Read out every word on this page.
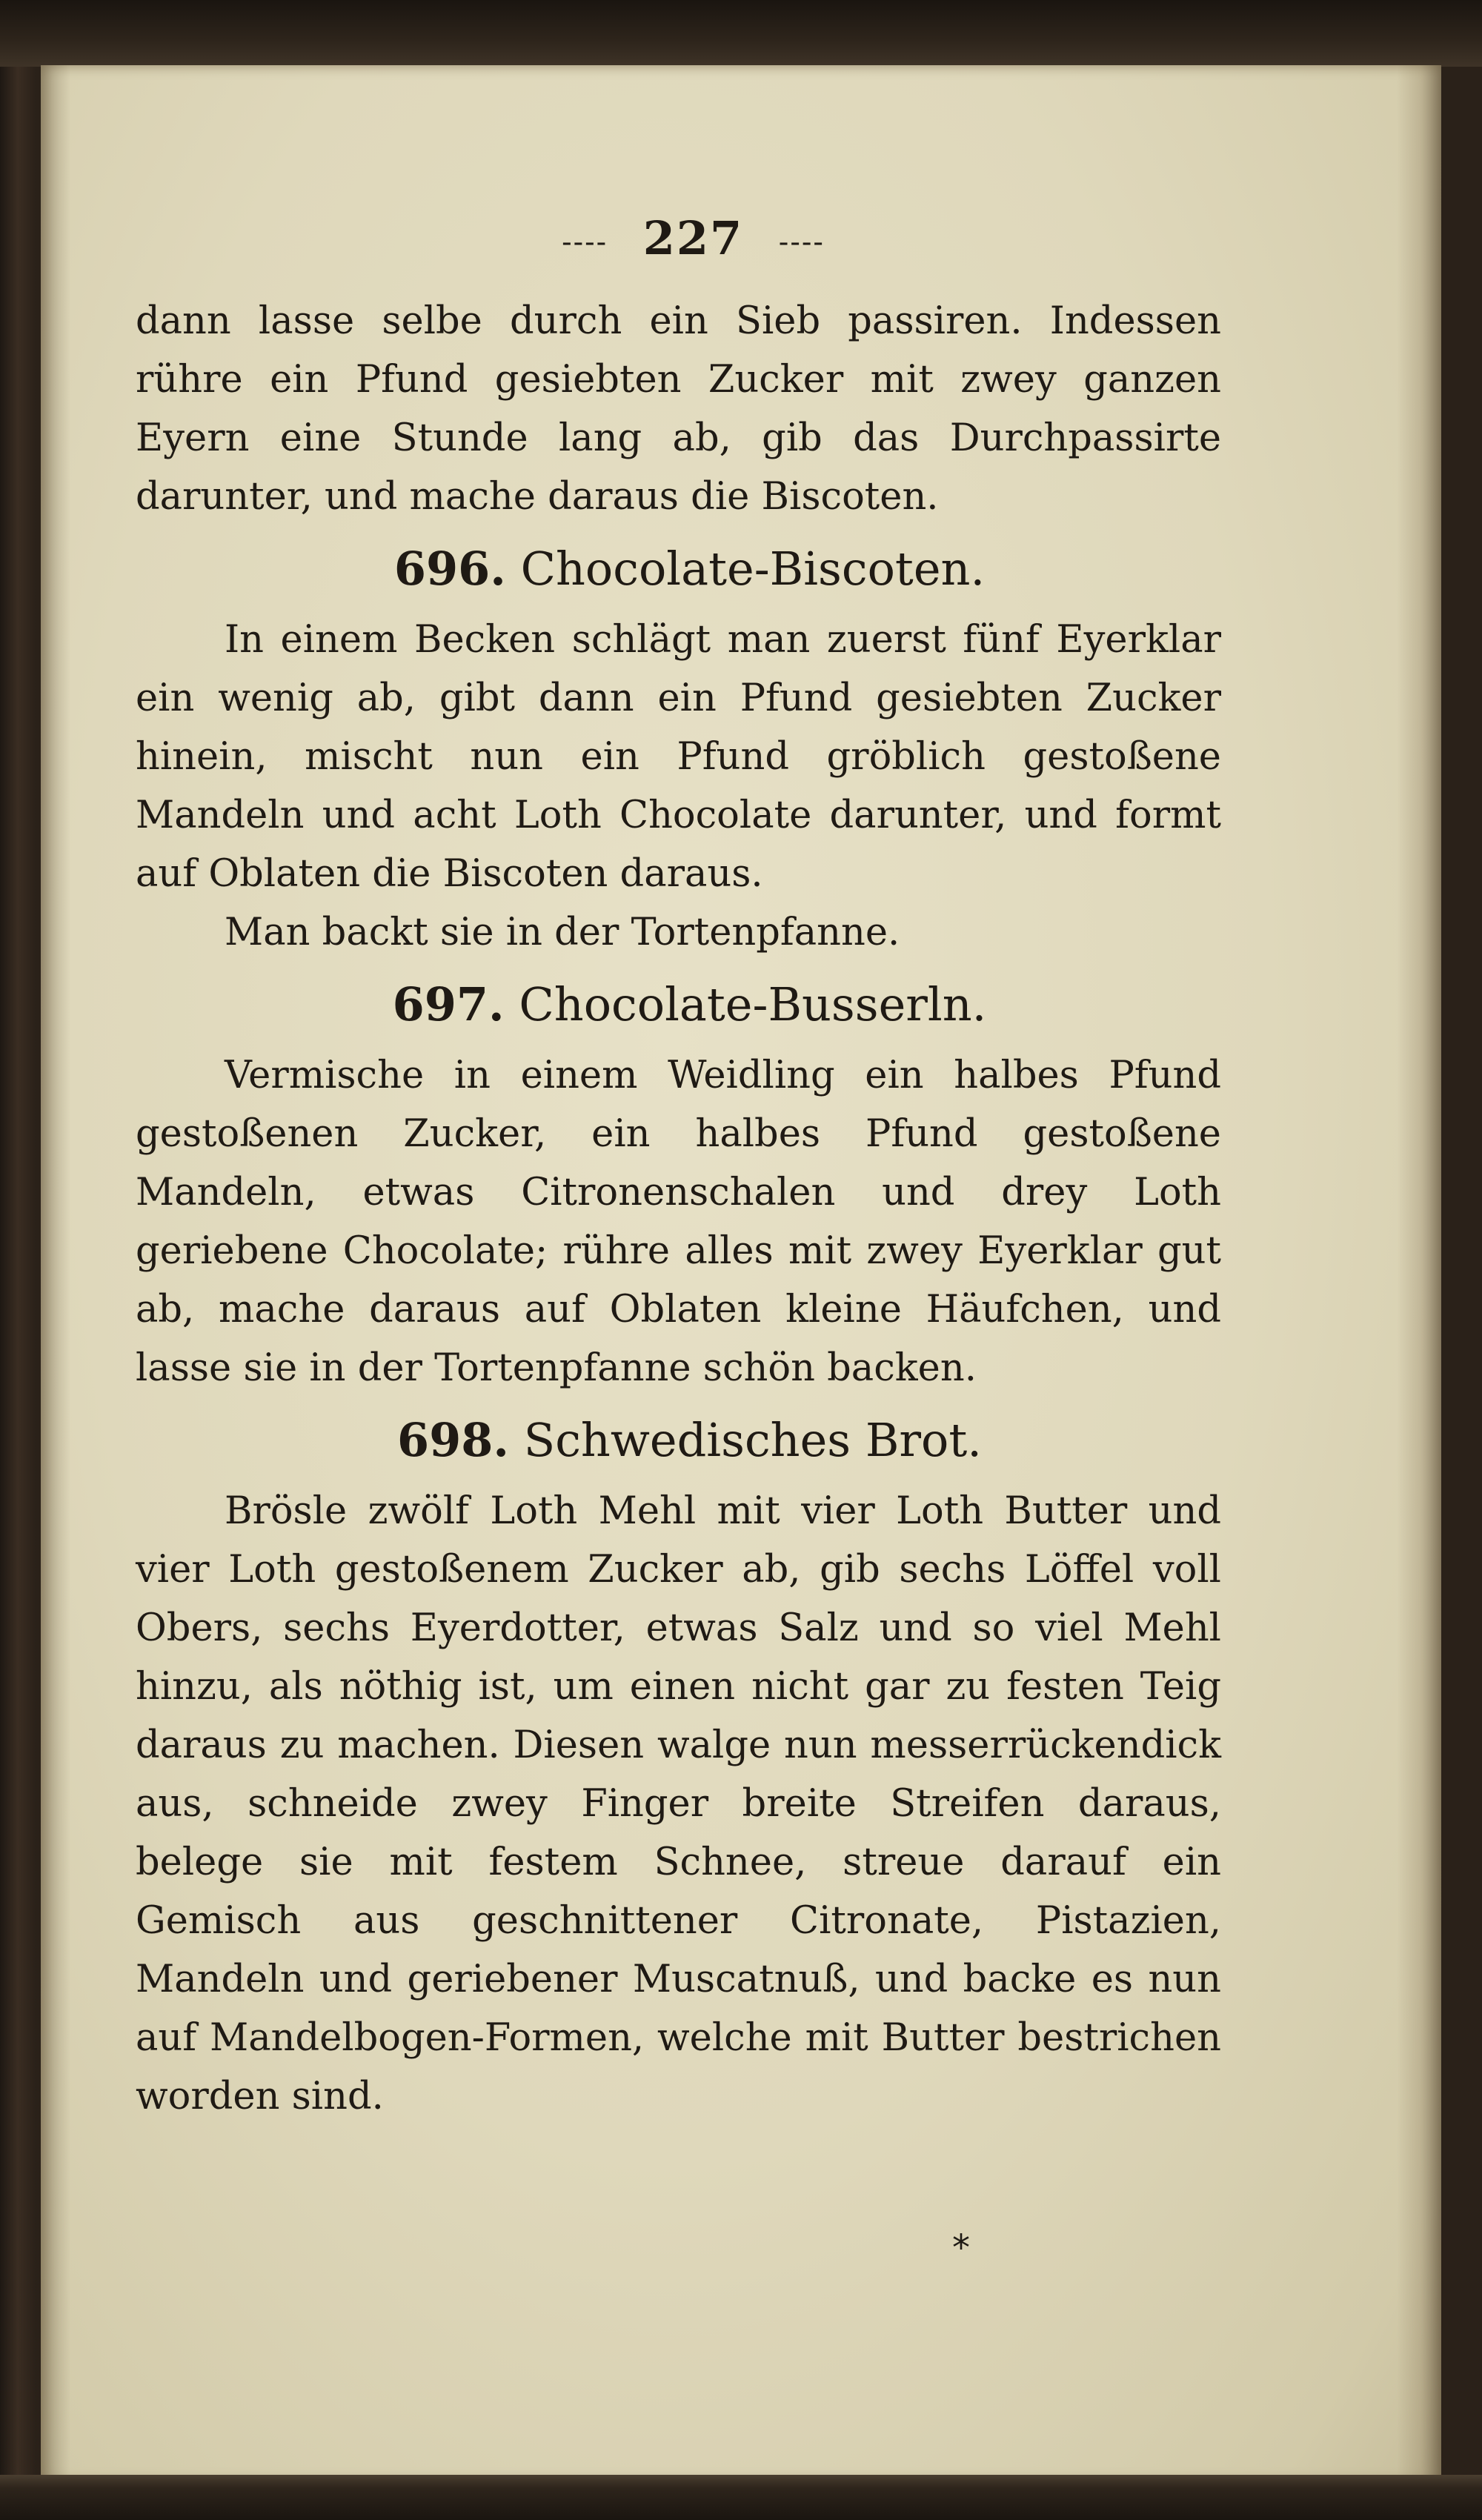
---- 227 ----

dann lasse selbe durch ein Sieb passiren. Indessen rühre ein Pfund gesiebten Zucker mit zwey ganzen Eyern eine Stunde lang ab, gib das Durchpassirte darunter, und mache daraus die Biscoten.

696. Chocolate-Biscoten.

In einem Becken schlägt man zuerst fünf Eyerklar ein wenig ab, gibt dann ein Pfund gesiebten Zucker hinein, mischt nun ein Pfund gröblich gestoßene Mandeln und acht Loth Chocolate darunter, und formt auf Oblaten die Biscoten daraus.

Man backt sie in der Tortenpfanne.

697. Chocolate-Busserln.

Vermische in einem Weidling ein halbes Pfund gestoßenen Zucker, ein halbes Pfund gestoßene Mandeln, etwas Citronenschalen und drey Loth geriebene Chocolate; rühre alles mit zwey Eyerklar gut ab, mache daraus auf Oblaten kleine Häufchen, und lasse sie in der Tortenpfanne schön backen.

698. Schwedisches Brot.

Brösle zwölf Loth Mehl mit vier Loth Butter und vier Loth gestoßenem Zucker ab, gib sechs Löffel voll Obers, sechs Eyerdotter, etwas Salz und so viel Mehl hinzu, als nöthig ist, um einen nicht gar zu festen Teig daraus zu machen. Diesen walge nun messerrückendick aus, schneide zwey Finger breite Streifen daraus, belege sie mit festem Schnee, streue darauf ein Gemisch aus geschnittener Citronate, Pistazien, Mandeln und geriebener Muscatnuß, und backe es nun auf Mandelbogen-Formen, welche mit Butter bestrichen worden sind.

*
